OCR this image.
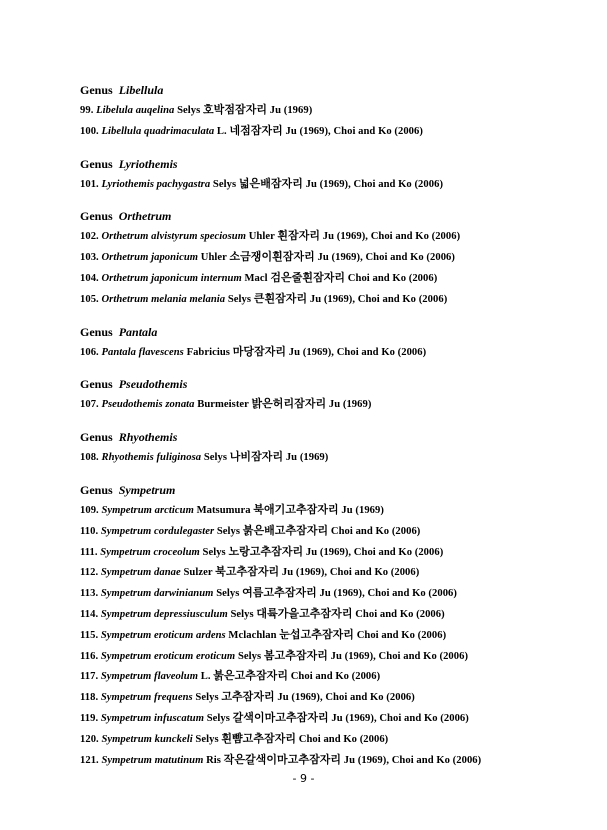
Genus Libellula
99. Libelula auqelina Selys 호박점잠자리 Ju (1969)
100. Libellula quadrimaculata L. 네점잠자리 Ju (1969), Choi and Ko (2006)
Genus Lyriothemis
101. Lyriothemis pachygastra Selys 넓은배잠자리 Ju (1969), Choi and Ko (2006)
Genus Orthetrum
102. Orthetrum alvistyrum speciosum Uhler 흰잠자리 Ju (1969), Choi and Ko (2006)
103. Orthetrum japonicum Uhler 소금쟁이흰잠자리 Ju (1969), Choi and Ko (2006)
104. Orthetrum japonicum internum Macl 검은줄흰잠자리 Choi and Ko (2006)
105. Orthetrum melania melania Selys 큰흰잠자리 Ju (1969), Choi and Ko (2006)
Genus Pantala
106. Pantala flavescens Fabricius 마당잠자리 Ju (1969), Choi and Ko (2006)
Genus Pseudothemis
107. Pseudothemis zonata Burmeister 밝은허리잠자리 Ju (1969)
Genus Rhyothemis
108. Rhyothemis fuliginosa Selys 나비잠자리 Ju (1969)
Genus Sympetrum
109. Sympetrum arcticum Matsumura 북애기고추잠자리 Ju (1969)
110. Sympetrum cordulegaster Selys 붉은배고추잠자리 Choi and Ko (2006)
111. Sympetrum croceolum Selys 노랑고추잠자리 Ju (1969), Choi and Ko (2006)
112. Sympetrum danae Sulzer 북고추잠자리 Ju (1969), Choi and Ko (2006)
113. Sympetrum darwinianum Selys 여름고추잠자리 Ju (1969), Choi and Ko (2006)
114. Sympetrum depressiusculum Selys 대륙가을고추잠자리 Choi and Ko (2006)
115. Sympetrum eroticum ardens Mclachlan 눈섭고추잠자리 Choi and Ko (2006)
116. Sympetrum eroticum eroticum Selys 봄고추잠자리 Ju (1969), Choi and Ko (2006)
117. Sympetrum flaveolum L. 붉은고추잠자리 Choi and Ko (2006)
118. Sympetrum frequens Selys 고추잠자리 Ju (1969), Choi and Ko (2006)
119. Sympetrum infuscatum Selys 갈색이마고추잠자리 Ju (1969), Choi and Ko (2006)
120. Sympetrum kunckeli Selys 흰뺨고추잠자리 Choi and Ko (2006)
121. Sympetrum matutinum Ris 작은갈색이마고추잠자리 Ju (1969), Choi and Ko (2006)
- 9 -
